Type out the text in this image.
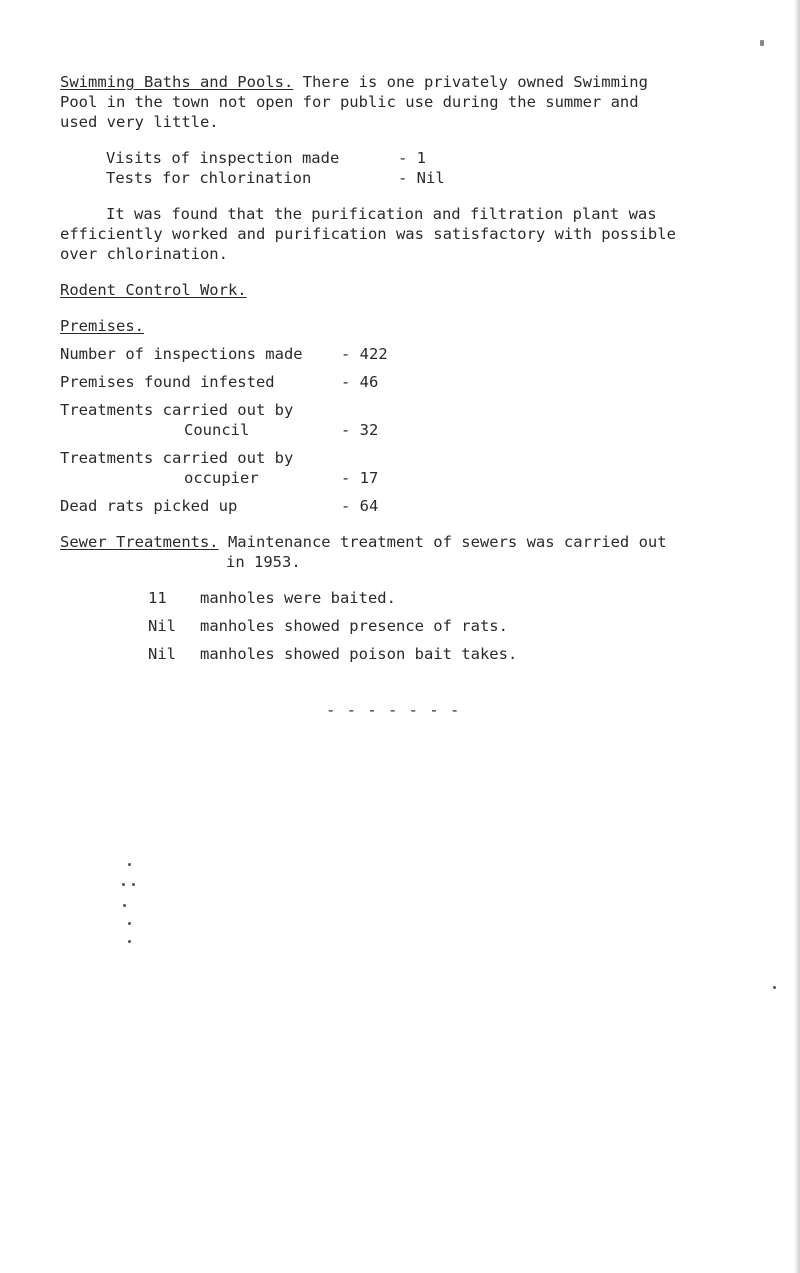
Swimming Baths and Pools. There is one privately owned Swimming
Pool in the town not open for public use during the summer and
used very little.
Visits of inspection made	- 1
Tests for chlorination	- Nil
It was found that the purification and filtration plant was
efficiently worked and purification was satisfactory with possible
over chlorination.
Rodent Control Work.
Premises.
Number of inspections made - 422
Premises found infested	- 46
Treatments carried out by
Council	- 32
Treatments carried out by
occupier	- 17
Dead rats picked up	- 64
Sewer Treatments. Maintenance treatment of sewers was carried out
in 1953.
11 manholes were baited.
Nil manholes showed presence of rats.
Nil manholes showed poison bait takes.
- - - - - - -
